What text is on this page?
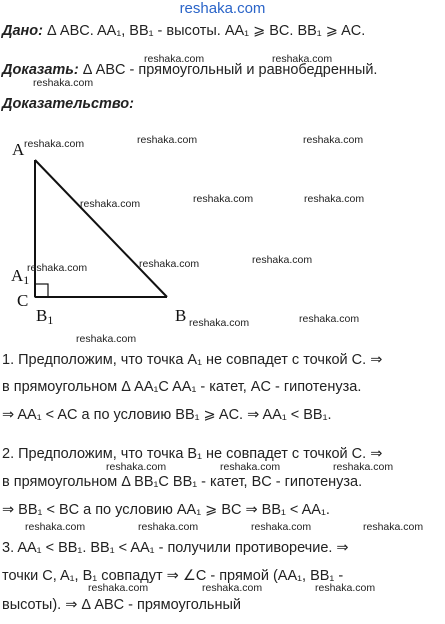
reshaka.com
Дано: Δ ABC. AA₁, BB₁ - высоты. AA₁ ⩾ BC. BB₁ ⩾ AC.
Доказать: Δ ABC - прямоугольный и равнобедренный.
Доказательство:
A
$A_1$
C
$B_1$	B
1. Предположим, что точка A₁ не совпадет с точкой C. ⇒
в прямоугольном Δ AA₁C AA₁ - катет, AC - гипотенуза.
⇒ AA₁ < AC а по условию BB₁ ⩾ AC. ⇒ AA₁ < BB₁.
2. Предположим, что точка B₁ не совпадет с точкой C. ⇒
в прямоугольном Δ BB₁C BB₁ - катет, BC - гипотенуза.
⇒ BB₁ < BC а по условию AA₁ ⩾ BC ⇒ BB₁ < AA₁.
3. AA₁ < BB₁. BB₁ < AA₁ - получили противоречие. ⇒
точки C, A₁, B₁ совпадут ⇒ ∠C - прямой (AA₁, BB₁ -
высоты). ⇒ Δ ABC - прямоугольный
reshaka.com	reshaka.com
reshaka.com
reshaka.com	reshaka.com	reshaka.com
reshaka.com	reshaka.com	reshaka.com
reshaka.com	reshaka.com	reshaka.com
reshaka.com	reshaka.com
reshaka.com
reshaka.com	reshaka.com	reshaka.com
reshaka.com	reshaka.com	reshaka.com	reshaka.com
reshaka.com	reshaka.com	reshaka.com
